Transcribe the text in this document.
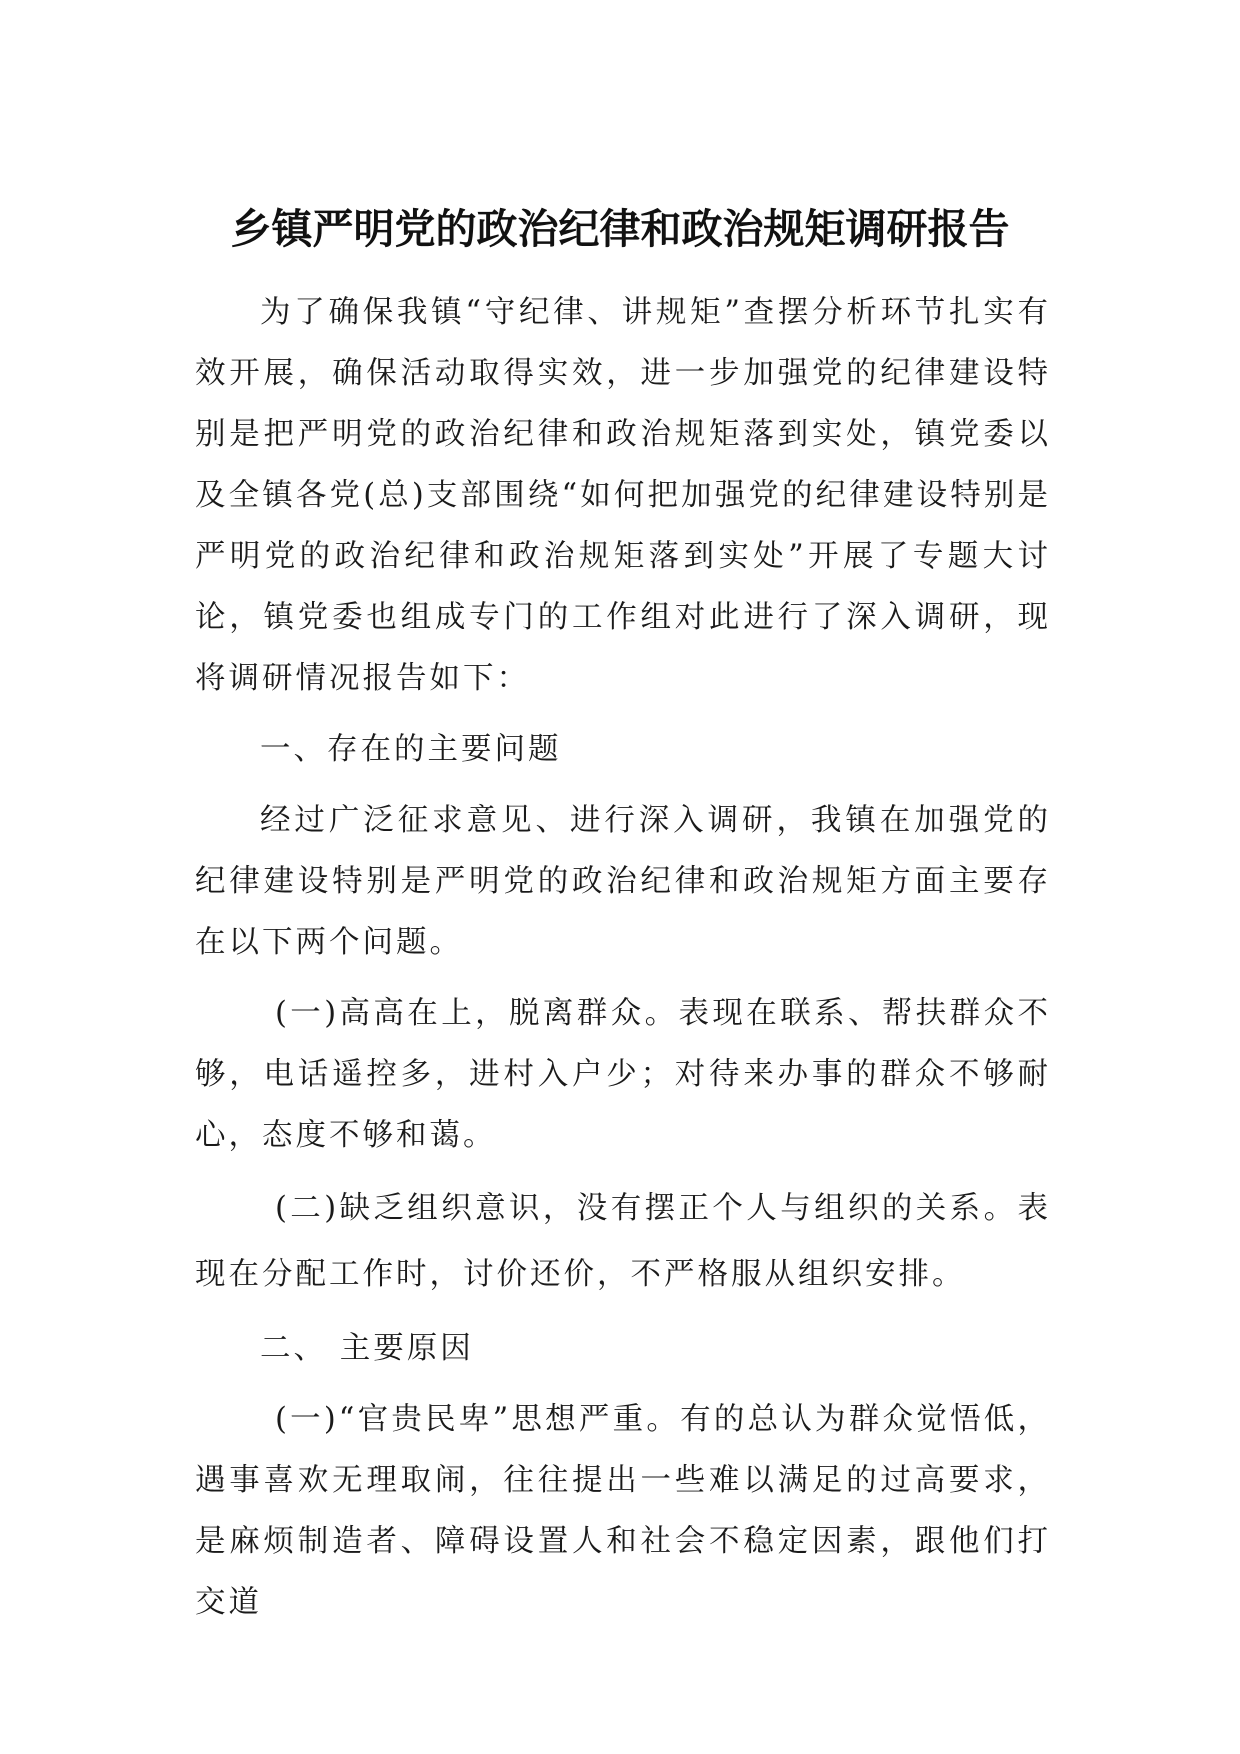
乡镇严明党的政治纪律和政治规矩调研报告

为了确保我镇“守纪律、讲规矩”查摆分析环节扎实有效开展，确保活动取得实效，进一步加强党的纪律建设特别是把严明党的政治纪律和政治规矩落到实处，镇党委以及全镇各党(总)支部围绕“如何把加强党的纪律建设特别是严明党的政治纪律和政治规矩落到实处”开展了专题大讨论，镇党委也组成专门的工作组对此进行了深入调研，现将调研情况报告如下：

一、存在的主要问题

经过广泛征求意见、进行深入调研，我镇在加强党的纪律建设特别是严明党的政治纪律和政治规矩方面主要存在以下两个问题。

(一)高高在上，脱离群众。表现在联系、帮扶群众不够，电话遥控多，进村入户少；对待来办事的群众不够耐心，态度不够和蔼。

(二)缺乏组织意识，没有摆正个人与组织的关系。表现在分配工作时，讨价还价，不严格服从组织安排。

二、 主要原因

(一)“官贵民卑”思想严重。有的总认为群众觉悟低，遇事喜欢无理取闹，往往提出一些难以满足的过高要求，是麻烦制造者、障碍设置人和社会不稳定因素，跟他们打交道
